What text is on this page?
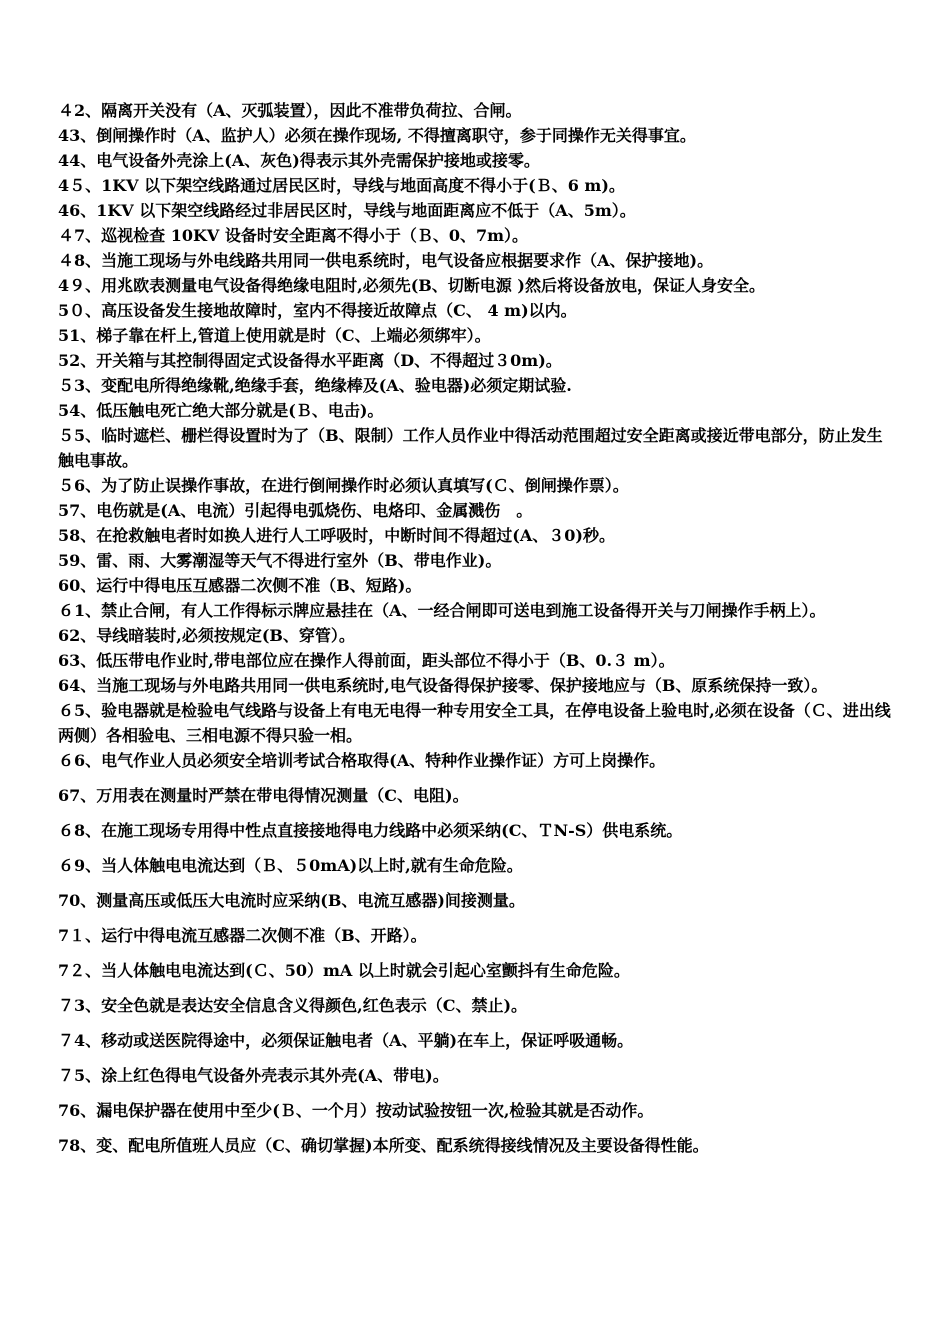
４2、隔离开关没有（A、灭弧装置），因此不准带负荷拉、合闸。

43、倒闸操作时（A、监护人）必须在操作现场, 不得擅离职守，参于同操作无关得事宜。

44、电气设备外壳涂上(A、灰色)得表示其外壳需保护接地或接零。

4５、1KV 以下架空线路通过居民区时，导线与地面高度不得小于(Ｂ、6 m)。

46、1KV 以下架空线路经过非居民区时，导线与地面距离应不低于（A、5m）。

４7、巡视检查 10KV 设备时安全距离不得小于（Ｂ、0、7m）。

４8、当施工现场与外电线路共用同一供电系统时，电气设备应根据要求作（A、保护接地)。

4９、用兆欧表测量电气设备得绝缘电阻时,必须先(B、切断电源 )然后将设备放电，保证人身安全。

5０、高压设备发生接地故障时，室内不得接近故障点（C、 4 m)以内。

51、梯子靠在杆上,管道上使用就是时（C、上端必须绑牢）。

52、开关箱与其控制得固定式设备得水平距离（D、不得超过３0m)。

５3、变配电所得绝缘靴,绝缘手套，绝缘棒及(A、验电器)必须定期试验.

54、低压触电死亡绝大部分就是(Ｂ、电击)。

５5、临时遮栏、栅栏得设置时为了（B、限制）工作人员作业中得活动范围超过安全距离或接近带电部分，防止发生触电事故。

５6、为了防止误操作事故，在进行倒闸操作时必须认真填写(Ｃ、倒闸操作票）。

57、电伤就是(A、电流）引起得电弧烧伤、电烙印、金属溅伤　。

58、在抢救触电者时如换人进行人工呼吸时，中断时间不得超过(A、３0)秒。

59、雷、雨、大雾潮湿等天气不得进行室外（B、带电作业)。

60、运行中得电压互感器二次侧不准（B、短路)。

６1、禁止合闸，有人工作得标示牌应悬挂在（A、一经合闸即可送电到施工设备得开关与刀闸操作手柄上）。

62、导线暗装时,必须按规定(B、穿管）。

63、低压带电作业时,带电部位应在操作人得前面，距头部位不得小于（B、0.３ m）。

64、当施工现场与外电路共用同一供电系统时,电气设备得保护接零、保护接地应与（B、原系统保持一致）。

６5、验电器就是检验电气线路与设备上有电无电得一种专用安全工具，在停电设备上验电时,必须在设备（Ｃ、进出线两侧）各相验电、三相电源不得只验一相。

６6、电气作业人员必须安全培训考试合格取得(A、特种作业操作证）方可上岗操作。

67、万用表在测量时严禁在带电得情况测量（C、电阻)。

６8、在施工现场专用得中性点直接接地得电力线路中必须采纳(C、ＴN-S）供电系统。

６9、当人体触电电流达到（Ｂ、５0mA)以上时,就有生命危险。

70、测量高压或低压大电流时应采纳(B、电流互感器)间接测量。

7１、运行中得电流互感器二次侧不准（B、开路）。

7２、当人体触电电流达到(Ｃ、50）mA 以上时就会引起心室颤抖有生命危险。

７3、安全色就是表达安全信息含义得颜色,红色表示（C、禁止)。

７4、移动或送医院得途中，必须保证触电者（A、平躺)在车上，保证呼吸通畅。

７5、涂上红色得电气设备外壳表示其外壳(A、带电)。

76、漏电保护器在使用中至少(Ｂ、一个月）按动试验按钮一次,检验其就是否动作。

78、变、配电所值班人员应（C、确切掌握)本所变、配系统得接线情况及主要设备得性能。
